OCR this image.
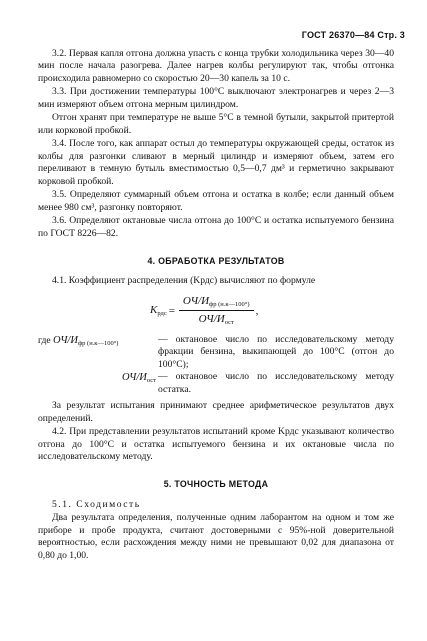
ГОСТ 26370—84 Стр. 3

3.2. Первая капля отгона должна упасть с конца трубки холодильника через 30—40 мин после начала разогрева. Далее нагрев колбы регулируют так, чтобы отгонка происходила равномерно со скоростью 20—30 капель за 10 с.

3.3. При достижении температуры 100°С выключают электронагрев и через 2—3 мин измеряют объем отгона мерным цилиндром.

Отгон хранят при температуре не выше 5°С в темной бутыли, закрытой притертой или корковой пробкой.

3.4. После того, как аппарат остыл до температуры окружающей среды, остаток из колбы для разгонки сливают в мерный цилиндр и измеряют объем, затем его переливают в темную бутыль вместимостью 0,5—0,7 дм³ и герметично закрывают корковой пробкой.

3.5. Определяют суммарный объем отгона и остатка в колбе; если данный объем менее 980 см³, разгонку повторяют.

3.6. Определяют октановые числа отгона до 100°С и остатка испытуемого бензина по ГОСТ 8226—82.

4. ОБРАБОТКА РЕЗУЛЬТАТОВ

4.1. Коэффициент распределения (Kрдс) вычисляют по формуле

$K_{рдс} = \frac{ОЧ/И_{фр (н.к—100^\circ)}}{ОЧ/И_{ост}}$ ,
где $ОЧ/И_{фр (н.к—100^\circ)}$	— октановое число по исследовательскому методу фракции бензина, выкипающей до 100°С (отгон до 100°С);
$ОЧ/И_{ост}$ — октановое число по исследовательскому методу остатка.

За результат испытания принимают среднее арифметическое результатов двух определений.

4.2. При представлении результатов испытаний кроме Kрдс указывают количество отгона до 100°С и остатка испытуемого бензина и их октановые числа по исследовательскому методу.

5. ТОЧНОСТЬ МЕТОДА

5.1. Сходимость

Два результата определения, полученные одним лаборантом на одном и том же приборе и пробе продукта, считают достоверными с 95%-ной доверительной вероятностью, если расхождения между ними не превышают 0,02 для диапазона от 0,80 до 1,00.
